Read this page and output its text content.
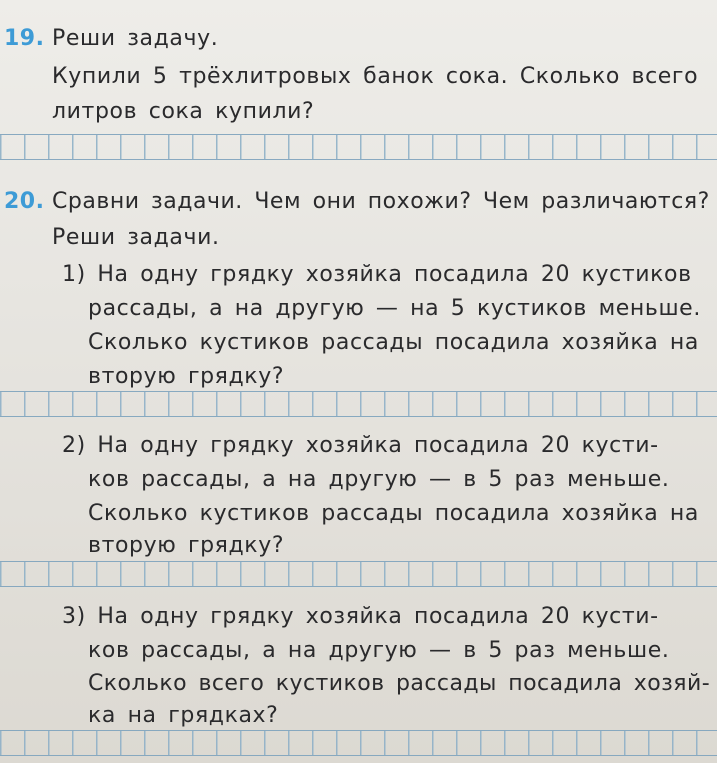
19. Реши задачу.
Купили 5 трёхлитровых банок сока. Сколько всего
литров сока купили?
20. Сравни задачи. Чем они похожи? Чем различаются?
Реши задачи.
1) На одну грядку хозяйка посадила 20 кустиков
рассады, а на другую — на 5 кустиков меньше.
Сколько кустиков рассады посадила хозяйка на
вторую грядку?
2) На одну грядку хозяйка посадила 20 кусти-
ков рассады, а на другую — в 5 раз меньше.
Сколько кустиков рассады посадила хозяйка на
вторую грядку?
3) На одну грядку хозяйка посадила 20 кусти-
ков рассады, а на другую — в 5 раз меньше.
Сколько всего кустиков рассады посадила хозяй-
ка на грядках?
